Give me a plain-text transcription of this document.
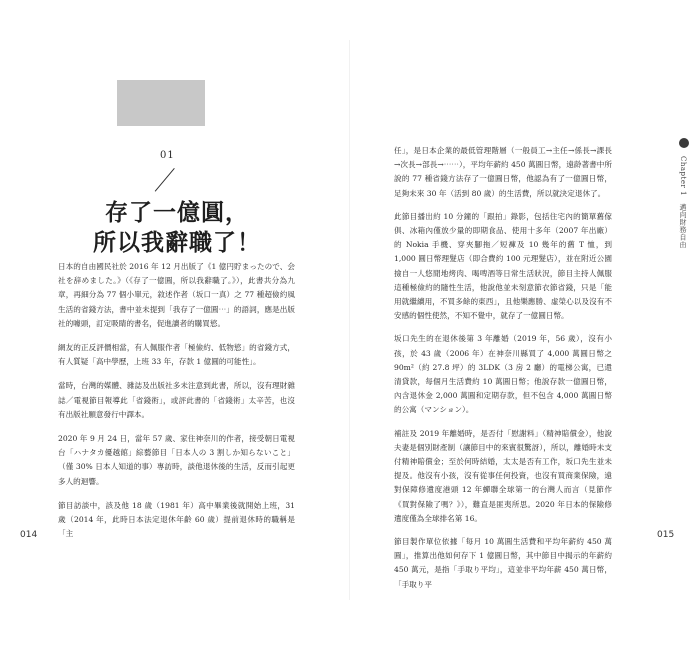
01
存了一億圓，
所以我辭職了！

日本的自由國民社於 2016 年 12 月出版了《1 億円貯まったので、会社を辞めました。》（《存了一億圓，所以我辭職了。》），此書共分為九章，再細分為 77 個小單元，敘述作者（坂口一真）之 77 種超儉約風生活的省錢方法，書中並未提到「我存了一億圓⋯」的語詞，應是出版社的噱頭，訂定吸睛的書名，促進讀者的購買慾。

網友的正反評價相當，有人佩服作者「極儉約、低物慾」的省錢方式，有人質疑「高中學歷，上班 33 年，存款 1 億圓的可能性」。

當時，台灣的媒體、雜誌及出版社多未注意到此書，所以，沒有理財雜誌／電視節目報導此「省錢術」，或評此書的「省錢術」太辛苦，也沒有出版社願意發行中譯本。

2020 年 9 月 24 日，當年 57 歲、家住神奈川的作者，接受朝日電視台「ハナタカ優越館」綜藝節目「日本人の 3 割しか知らないこと」（僅 30% 日本人知道的事）專訪時，談他退休後的生活，反而引起更多人的迴響。

節目訪談中，該及他 18 歲（1981 年）高中畢業後就開始上班，31 歲（2014 年，此時日本法定退休年齡 60 歲）提前退休時的職稱是「主

014

任」，是日本企業的最低管理階層（一般員工→主任→係長→課長→次長→部長→⋯⋯），平均年薪約 450 萬圓日幣，遠龄著書中所說的 77 種省錢方法存了一億圓日幣，他認為有了一億圓日幣，足夠未來 30 年（活到 80 歲）的生活費，所以就決定退休了。

此節目播出約 10 分鐘的「跟拍」錄影，包括住宅內的簡單舊傢俱、冰箱內僅放少量的即期食品、使用十多年（2007 年出廠）的 Nokia 手機、穿夾腳拖／短褲及 10 幾年的舊 T 恤，到 1,000 圓日幣理髮店（即合費約 100 元理髮店），並在附近公園撿自一人悠閒地烤肉、喝啤酒等日常生活狀況，節目主持人佩服這種極儉約的隨性生活，他說他並未刻意節衣節省錢，只是「能用就繼續用，不買多餘的東西」，且他樂應勝、虛榮心以及沒有不安感的個性使然，不知不覺中，就存了一億圓日幣。

坂口先生的在退休後第 3 年離婚（2019 年，56 歲），沒有小孩，於 43 歲（2006 年）在神奈川縣買了 4,000 萬圓日幣之 90m²（約 27.8 坪）的 3LDK（3 房 2 廳）的電梯公寓，已還清貸款，每個月生活費約 10 萬圓日幣；他說存款一億圓日幣，內含退休金 2,000 萬圓和定期存款，但不包含 4,000 萬圓日幣的公寓（マンション）。

補註及 2019 年離婚時，是否付「慰謝料」（精神賠償金），他說夫妻是個別財產制（讓節目中的來賓很驚訝），所以，離婚時未支付精神賠償金；至於何時結婚，太太是否有工作，坂口先生並未提及。他沒有小孩，沒有從事任何投資，也沒有買商業保險，遠對保障修遺度港頭 12 年蟬聯全球第一的台灣人而言（見節作《買對保險了嗎？》），難直是匪夷所思。2020 年日本的保險修遺度僅為全球排名第 16。

節目製作單位依據「每月 10 萬圓生活費和平均年薪約 450 萬圓」，推算出他如何存下 1 億圓日幣，其中節目中揭示的年薪約 450 萬元，是指「手取り平均」，這並非平均年薪 450 萬日幣，「手取り平

015
Chapter 1　邁向財務自由
